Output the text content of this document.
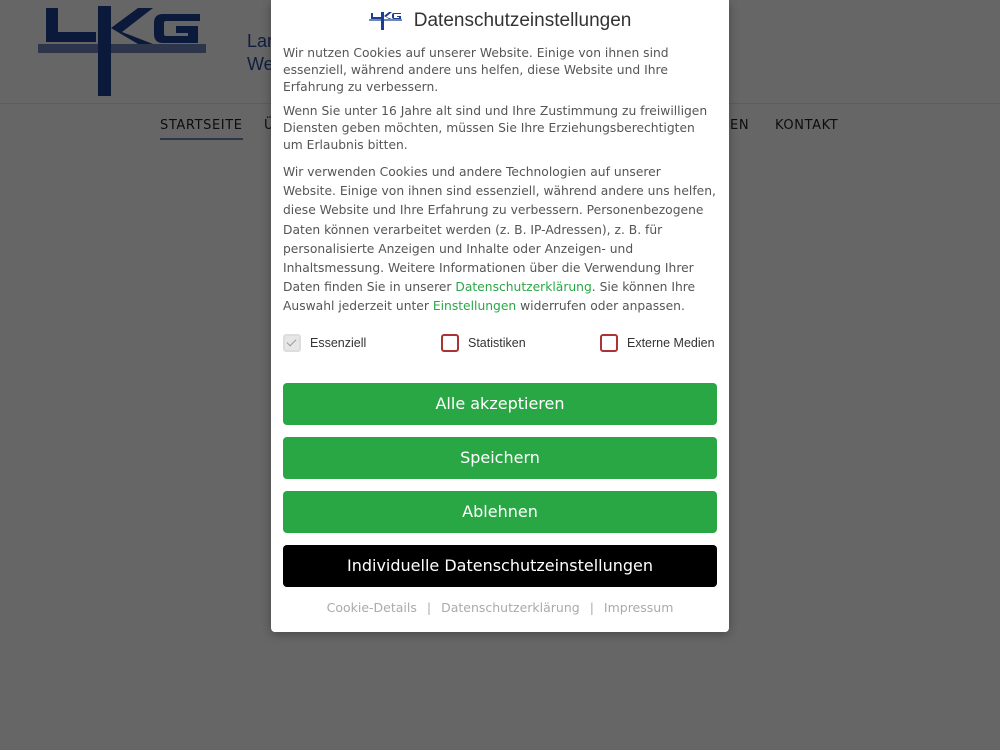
Datenschutzeinstellungen

Wir nutzen Cookies auf unserer Website. Einige von ihnen sind essenziell, während andere uns helfen, diese Website und Ihre Erfahrung zu verbessern.

Wenn Sie unter 16 Jahre alt sind und Ihre Zustimmung zu freiwilligen Diensten geben möchten, müssen Sie Ihre Erziehungsberechtigten um Erlaubnis bitten.

Wir verwenden Cookies und andere Technologien auf unserer Website. Einige von ihnen sind essenziell, während andere uns helfen, diese Website und Ihre Erfahrung zu verbessern. Personenbezogene Daten können verarbeitet werden (z. B. IP-Adressen), z. B. für personalisierte Anzeigen und Inhalte oder Anzeigen- und Inhaltsmessung. Weitere Informationen über die Verwendung Ihrer Daten finden Sie in unserer Datenschutzerklärung. Sie können Ihre Auswahl jederzeit unter Einstellungen widerrufen oder anpassen.

Essenziell	Statistiken	Externe Medien
Alle akzeptieren
Speichern
Ablehnen
Individuelle Datenschutzeinstellungen
Cookie-Details | Datenschutzerklärung | Impressum
